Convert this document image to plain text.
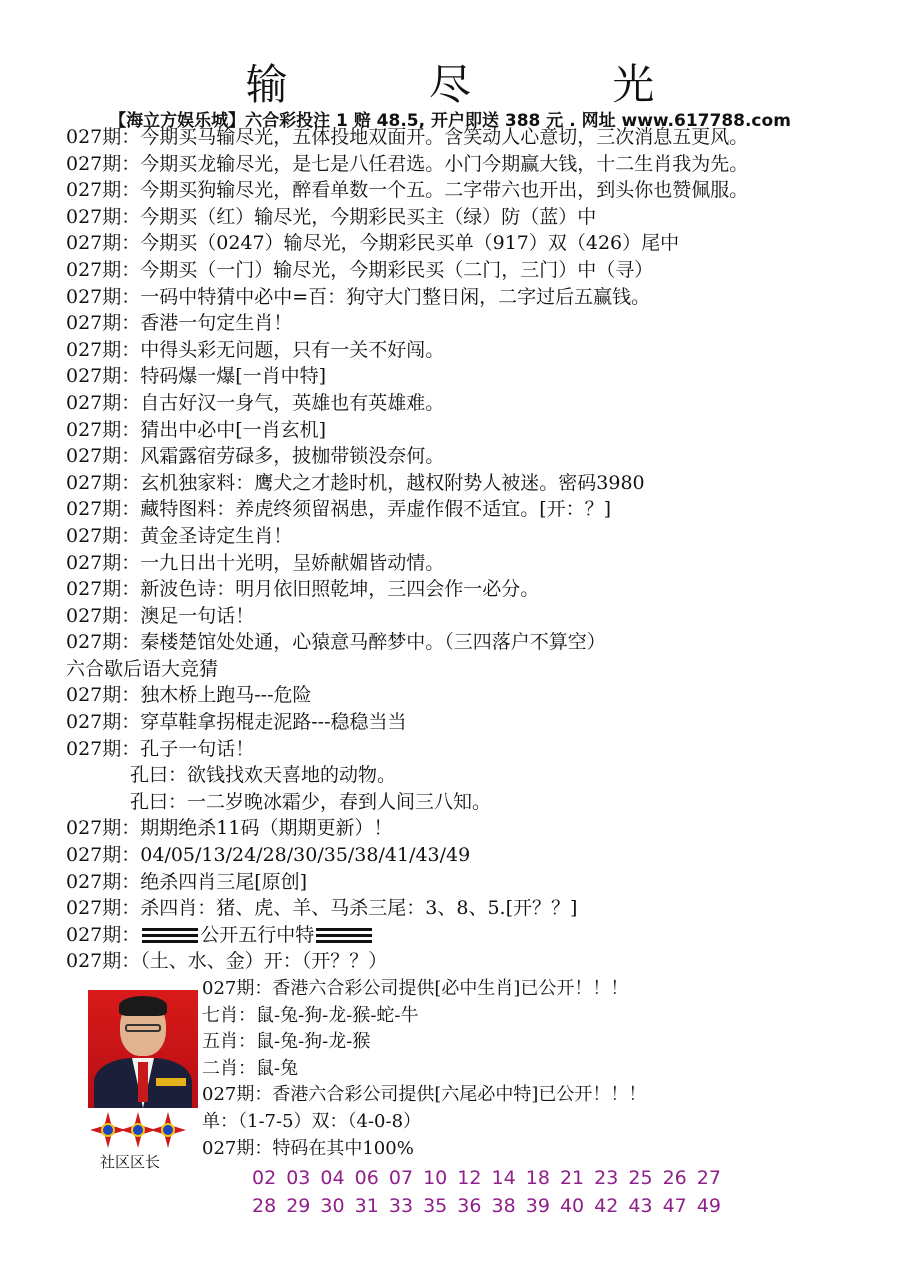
输 尽 光
【海立方娱乐城】六合彩投注 1 赔 48.5, 开户即送 388 元 . 网址 www.617788.com
027期：今期买马输尽光，五体投地双面开。含笑动人心意切，三次消息五更风。
027期：今期买龙输尽光，是七是八任君选。小门今期赢大钱，十二生肖我为先。
027期：今期买狗输尽光，醉看单数一个五。二字带六也开出，到头你也赞佩服。
027期：今期买（红）输尽光，今期彩民买主（绿）防（蓝）中
027期：今期买（0247）输尽光，今期彩民买单（917）双（426）尾中
027期：今期买（一门）输尽光，今期彩民买（二门，三门）中（寻）
027期：一码中特猜中必中=百：狗守大门整日闲，二字过后五赢钱。
027期：香港一句定生肖！
027期：中得头彩无问题，只有一关不好闯。
027期：特码爆一爆[一肖中特]
027期：自古好汉一身气，英雄也有英雄难。
027期：猜出中必中[一肖玄机]
027期：风霜露宿劳碌多，披枷带锁没奈何。
027期：玄机独家料：鹰犬之才趁时机，越权附势人被迷。密码3980
027期：藏特图料：养虎终须留祸患，弄虚作假不适宜。[开：？]
027期：黄金圣诗定生肖！
027期：一九日出十光明，呈娇献媚皆动情。
027期：新波色诗：明月依旧照乾坤，三四会作一必分。
027期：澳足一句话！
027期：秦楼楚馆处处通，心猿意马醉梦中。（三四落户不算空）
六合歇后语大竞猜
027期：独木桥上跑马---危险
027期：穿草鞋拿拐棍走泥路---稳稳当当
027期：孔子一句话！
孔曰：欲钱找欢天喜地的动物。
孔曰：一二岁晚冰霜少，春到人间三八知。
027期：期期绝杀11码（期期更新）！
027期：04/05/13/24/28/30/35/38/41/43/49
027期：绝杀四肖三尾[原创]
027期：杀四肖：猪、虎、羊、马杀三尾：3、8、5.[开？？]
027期：	公开五行中特
027期：（土、水、金）开：（开？？）
社区区长
027期：香港六合彩公司提供[必中生肖]已公开！！！
七肖：鼠-兔-狗-龙-猴-蛇-牛
五肖：鼠-兔-狗-龙-猴
二肖：鼠-兔
027期：香港六合彩公司提供[六尾必中特]已公开！！！
单：（1-7-5）双：（4-0-8）
027期：特码在其中100%
02 03 04 06 07 10 12 14 18 21 23 25 26 27
28 29 30 31 33 35 36 38 39 40 42 43 47 49
